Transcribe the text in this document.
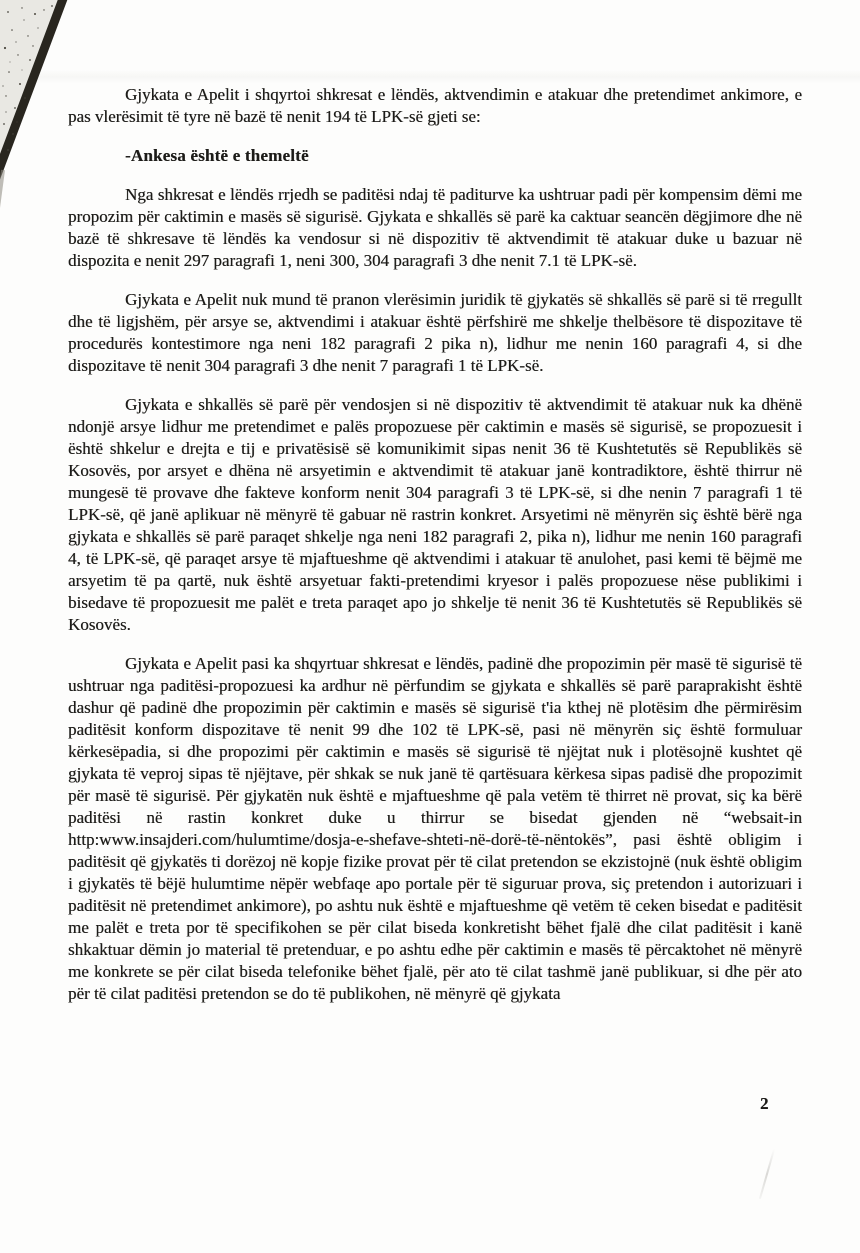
Gjykata e Apelit i shqyrtoi shkresat e lëndës, aktvendimin e atakuar dhe pretendimet ankimore, e pas vlerësimit të tyre në bazë të nenit 194 të LPK-së gjeti se:

-Ankesa është e themeltë

Nga shkresat e lëndës rrjedh se paditësi ndaj të paditurve ka ushtruar padi për kompensim dëmi me propozim për caktimin e masës së sigurisë. Gjykata e shkallës së parë ka caktuar seancën dëgjimore dhe në bazë të shkresave të lëndës ka vendosur si në dispozitiv të aktvendimit të atakuar duke u bazuar në dispozita e nenit 297 paragrafi 1, neni 300, 304 paragrafi 3 dhe nenit 7.1 të LPK-së.

Gjykata e Apelit nuk mund të pranon vlerësimin juridik të gjykatës së shkallës së parë si të rregullt dhe të ligjshëm, për arsye se, aktvendimi i atakuar është përfshirë me shkelje thelbësore të dispozitave të procedurës kontestimore nga neni 182 paragrafi 2 pika n), lidhur me nenin 160 paragrafi 4, si dhe dispozitave të nenit 304 paragrafi 3 dhe nenit 7 paragrafi 1 të LPK-së.

Gjykata e shkallës së parë për vendosjen si në dispozitiv të aktvendimit të atakuar nuk ka dhënë ndonjë arsye lidhur me pretendimet e palës propozuese për caktimin e masës së sigurisë, se propozuesit i është shkelur e drejta e tij e privatësisë së komunikimit sipas nenit 36 të Kushtetutës së Republikës së Kosovës, por arsyet e dhëna në arsyetimin e aktvendimit të atakuar janë kontradiktore, është thirrur në mungesë të provave dhe fakteve konform nenit 304 paragrafi 3 të LPK-së, si dhe nenin 7 paragrafi 1 të LPK-së, që janë aplikuar në mënyrë të gabuar në rastrin konkret. Arsyetimi në mënyrën siç është bërë nga gjykata e shkallës së parë paraqet shkelje nga neni 182 paragrafi 2, pika n), lidhur me nenin 160 paragrafi 4, të LPK-së, që paraqet arsye të mjaftueshme që aktvendimi i atakuar të anulohet, pasi kemi të bëjmë me arsyetim të pa qartë, nuk është arsyetuar fakti-pretendimi kryesor i palës propozuese nëse publikimi i bisedave të propozuesit me palët e treta paraqet apo jo shkelje të nenit 36 të Kushtetutës së Republikës së Kosovës.

Gjykata e Apelit pasi ka shqyrtuar shkresat e lëndës, padinë dhe propozimin për masë të sigurisë të ushtruar nga paditësi-propozuesi ka ardhur në përfundim se gjykata e shkallës së parë paraprakisht është dashur që padinë dhe propozimin për caktimin e masës së sigurisë t'ia kthej në plotësim dhe përmirësim paditësit konform dispozitave të nenit 99 dhe 102 të LPK-së, pasi në mënyrën siç është formuluar kërkesëpadia, si dhe propozimi për caktimin e masës së sigurisë të njëjtat nuk i plotësojnë kushtet që gjykata të veproj sipas të njëjtave, për shkak se nuk janë të qartësuara kërkesa sipas padisë dhe propozimit për masë të sigurisë. Për gjykatën nuk është e mjaftueshme që pala vetëm të thirret në provat, siç ka bërë paditësi në rastin konkret duke u thirrur se bisedat gjenden në “websait-in http:www.insajderi.com/hulumtime/dosja-e-shefave-shteti-në-dorë-të-nëntokës”, pasi është obligim i paditësit që gjykatës ti dorëzoj në kopje fizike provat për të cilat pretendon se ekzistojnë (nuk është obligim i gjykatës të bëjë hulumtime nëpër webfaqe apo portale për të siguruar prova, siç pretendon i autorizuari i paditësit në pretendimet ankimore), po ashtu nuk është e mjaftueshme që vetëm të ceken bisedat e paditësit me palët e treta por të specifikohen se për cilat biseda konkretisht bëhet fjalë dhe cilat paditësit i kanë shkaktuar dëmin jo material të pretenduar, e po ashtu edhe për caktimin e masës të përcaktohet në mënyrë me konkrete se për cilat biseda telefonike bëhet fjalë, për ato të cilat tashmë janë publikuar, si dhe për ato për të cilat paditësi pretendon se do të publikohen, në mënyrë që gjykata

2
